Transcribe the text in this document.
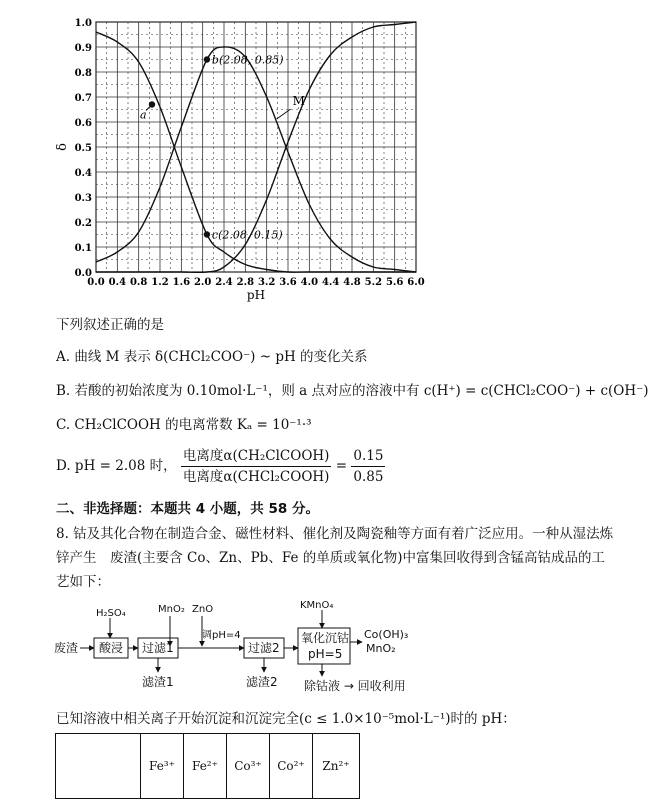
0.0 0.4 0.8 1.2 1.6 2.0 2.4 2.8 3.2 3.6 4.0 4.4 4.8 5.2 5.6 6.0
0.0
0.1
0.2
0.3
0.4
0.5
0.6
0.7
0.8
0.9
1.0
pH
δ
b(2.08, 0.85)
c(2.08, 0.15)
a
M
下列叙述正确的是
A. 曲线 M 表示 δ(CHCl₂COO⁻) ~ pH 的变化关系
B. 若酸的初始浓度为 0.10mol·L⁻¹，则 a 点对应的溶液中有 c(H⁺) = c(CHCl₂COO⁻) + c(OH⁻)
C. CH₂ClCOOH 的电离常数 Kₐ = 10⁻¹·³
D. pH = 2.08 时， $\frac{\text{电离度α(CH₂ClCOOH)}}{\text{电离度α(CHCl₂COOH)}} = \frac{0.15}{0.85}$
二、非选择题：本题共 4 小题，共 58 分。
8. 钴及其化合物在制造合金、磁性材料、催化剂及陶瓷釉等方面有着广泛应用。一种从湿法炼锌产生　废渣(主要含 Co、Zn、Pb、Fe 的单质或氧化物)中富集回收得到含锰高钴成品的工艺如下：
废渣
H₂SO₄
酸浸 过滤1
滤渣1
MnO₂ ZnO
调pH=4
过滤2
滤渣2
KMnO₄
氧化沉钴
pH=5
Co(OH)₃
MnO₂
除钴液 → 回收利用
已知溶液中相关离子开始沉淀和沉淀完全(c ≤ 1.0×10⁻⁵mol·L⁻¹)时的 pH：
	Fe³⁺	Fe²⁺	Co³⁺	Co²⁺	Zn²⁺
